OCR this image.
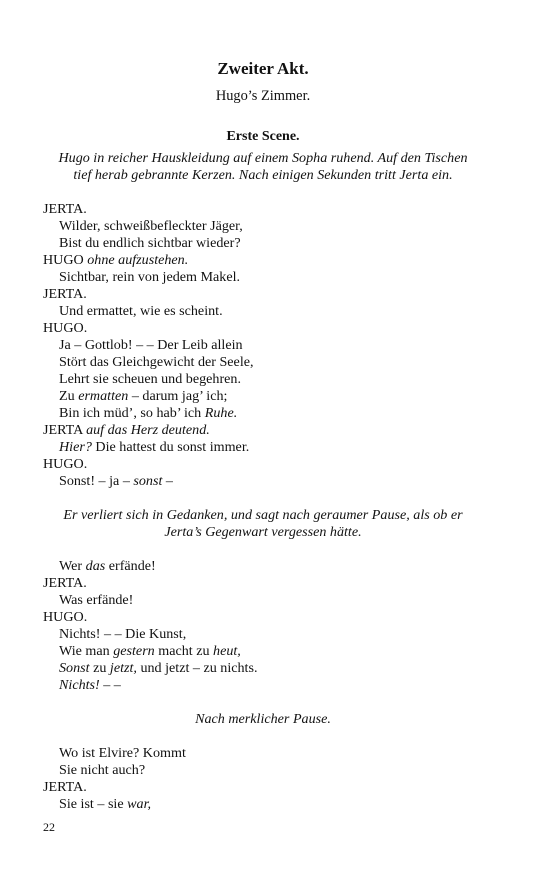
Zweiter Akt.
Hugo’s Zimmer.
Erste Scene.
Hugo in reicher Hauskleidung auf einem Sopha ruhend. Auf den Tischen
tief herab gebrannte Kerzen. Nach einigen Sekunden tritt Jerta ein.
JERTA.
Wilder, schweißbefleckter Jäger,
Bist du endlich sichtbar wieder?
HUGO ohne aufzustehen.
Sichtbar, rein von jedem Makel.
JERTA.
Und ermattet, wie es scheint.
HUGO.
Ja – Gottlob! – – Der Leib allein
Stört das Gleichgewicht der Seele,
Lehrt sie scheuen und begehren.
Zu ermatten – darum jag’ ich;
Bin ich müd’, so hab’ ich Ruhe.
JERTA auf das Herz deutend.
Hier? Die hattest du sonst immer.
HUGO.
Sonst! – ja – sonst –
Er verliert sich in Gedanken, und sagt nach geraumer Pause, als ob er
Jerta’s Gegenwart vergessen hätte.
Wer das erfände!
JERTA.
Was erfände!
HUGO.
Nichts! – – Die Kunst,
Wie man gestern macht zu heut,
Sonst zu jetzt, und jetzt – zu nichts.
Nichts! – –
Nach merklicher Pause.
Wo ist Elvire? Kommt
Sie nicht auch?
JERTA.
Sie ist – sie war,
22
